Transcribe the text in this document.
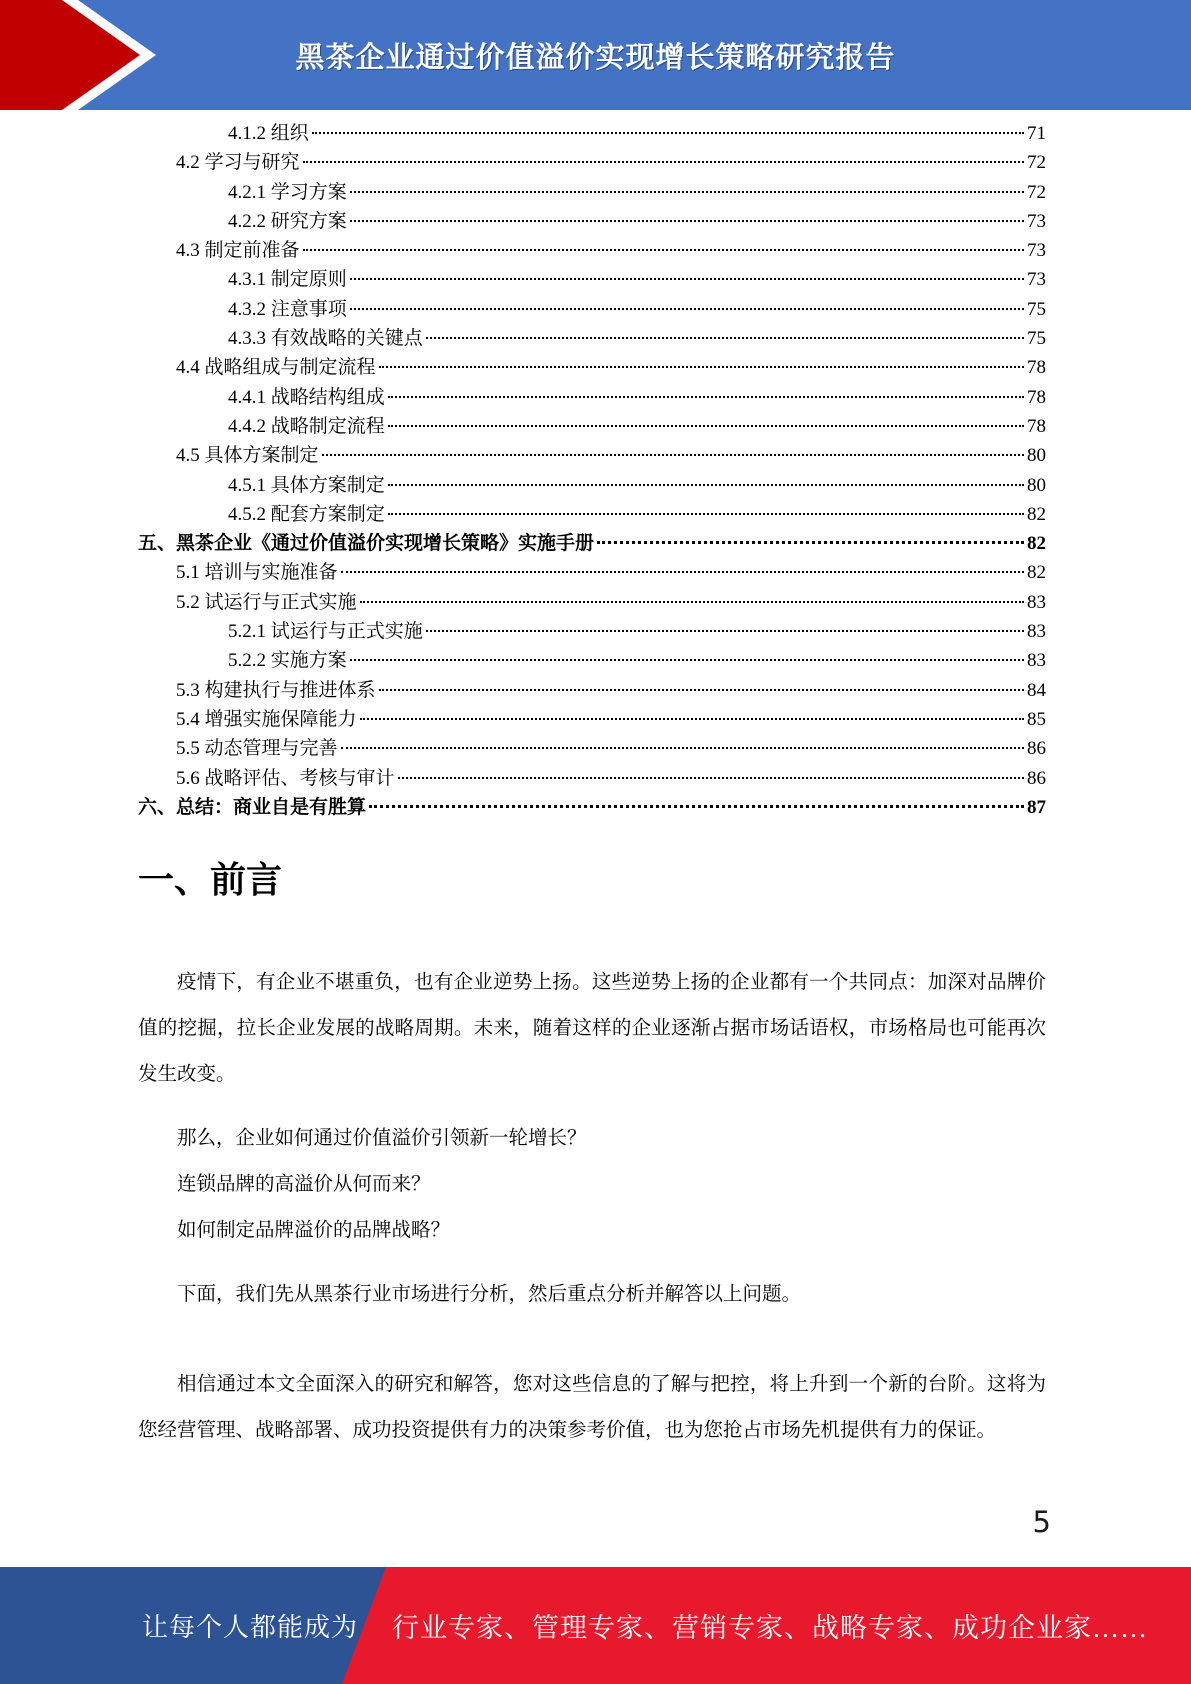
黑茶企业通过价值溢价实现增长策略研究报告
4.1.2 组织	71
4.2 学习与研究	72
4.2.1 学习方案	72
4.2.2 研究方案	73
4.3 制定前准备	73
4.3.1 制定原则	73
4.3.2 注意事项	75
4.3.3 有效战略的关键点	75
4.4 战略组成与制定流程	78
4.4.1 战略结构组成	78
4.4.2 战略制定流程	78
4.5 具体方案制定	80
4.5.1 具体方案制定	80
4.5.2 配套方案制定	82
五、黑茶企业《通过价值溢价实现增长策略》实施手册	82
5.1 培训与实施准备	82
5.2 试运行与正式实施	83
5.2.1 试运行与正式实施	83
5.2.2 实施方案	83
5.3 构建执行与推进体系	84
5.4 增强实施保障能力	85
5.5 动态管理与完善	86
5.6 战略评估、考核与审计	86
六、总结：商业自是有胜算	87
一、前言

疫情下，有企业不堪重负，也有企业逆势上扬。这些逆势上扬的企业都有一个共同点：加深对品牌价值的挖掘，拉长企业发展的战略周期。未来，随着这样的企业逐渐占据市场话语权，市场格局也可能再次发生改变。

那么，企业如何通过价值溢价引领新一轮增长？

连锁品牌的高溢价从何而来？

如何制定品牌溢价的品牌战略？

下面，我们先从黑茶行业市场进行分析，然后重点分析并解答以上问题。

相信通过本文全面深入的研究和解答，您对这些信息的了解与把控，将上升到一个新的台阶。这将为您经营管理、战略部署、成功投资提供有力的决策参考价值，也为您抢占市场先机提供有力的保证。

5
让每个人都能成为 行业专家、管理专家、营销专家、战略专家、成功企业家……
